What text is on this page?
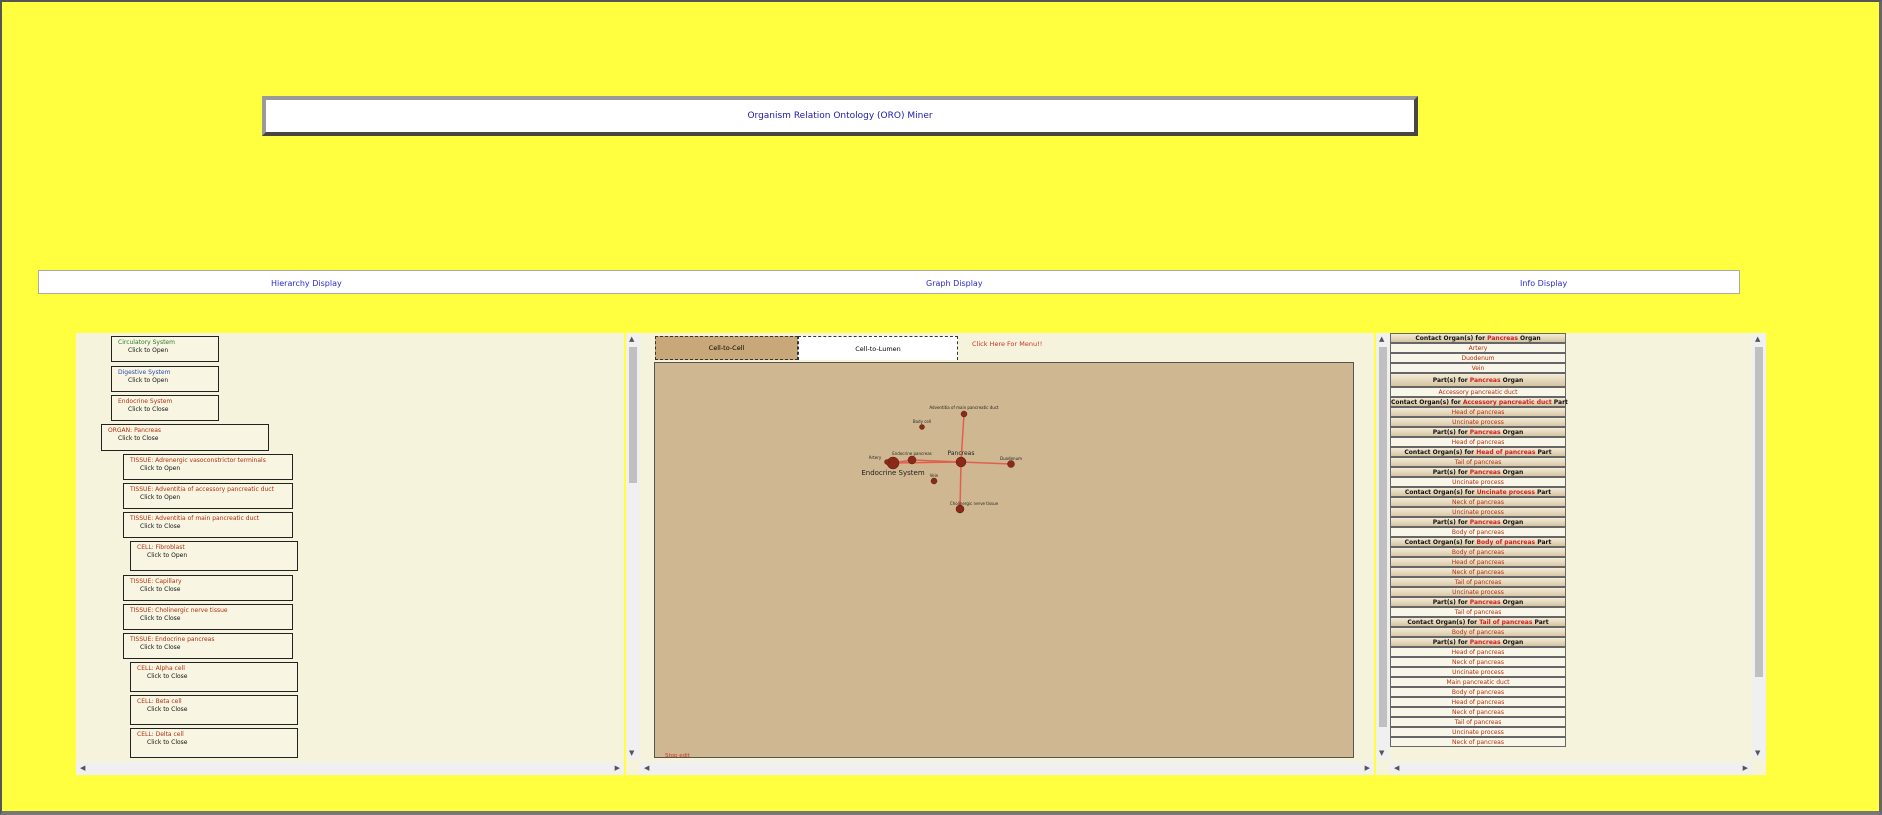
Organism Relation Ontology (ORO) Miner
Hierarchy Display	Graph Display	Info Display
Circulatory System
Click to Open
Digestive System
Click to Open
Endocrine System
Click to Close
ORGAN: Pancreas
Click to Close
TISSUE: Adrenergic vasoconstrictor terminals
Click to Open
TISSUE: Adventitia of accessory pancreatic duct
Click to Open
TISSUE: Adventitia of main pancreatic duct
Click to Close
CELL: Fibroblast
Click to Open
TISSUE: Capillary
Click to Close
TISSUE: Cholinergic nerve tissue
Click to Close
TISSUE: Endocrine pancreas
Click to Close
CELL: Alpha cell
Click to Close
CELL: Beta cell
Click to Close
CELL: Delta cell
Click to Close
◀	▶
▲
▼
◀	▶
Cell-to-Cell	Cell-to-Lumen
Click Here For Menu!!
Adventitia of main pancreatic duct
Body cell
Endocrine pancreas	Pancreas
Duodenum
Endocrine System Vein
Artery
Cholinergic nerve tissue
Stop edit
▲
▼
▲
▼
◀	▶
Contact Organ(s) for Pancreas Organ
Artery
Duodenum
Vein
Part(s) for Pancreas Organ
Accessory pancreatic duct
Contact Organ(s) for Accessory pancreatic duct Part
Head of pancreas
Uncinate process
Part(s) for Pancreas Organ
Head of pancreas
Contact Organ(s) for Head of pancreas Part
Tail of pancreas
Part(s) for Pancreas Organ
Uncinate process
Contact Organ(s) for Uncinate process Part
Neck of pancreas
Uncinate process
Part(s) for Pancreas Organ
Body of pancreas
Contact Organ(s) for Body of pancreas Part
Body of pancreas
Head of pancreas
Neck of pancreas
Tail of pancreas
Uncinate process
Part(s) for Pancreas Organ
Tail of pancreas
Contact Organ(s) for Tail of pancreas Part
Body of pancreas
Part(s) for Pancreas Organ
Head of pancreas
Neck of pancreas
Uncinate process
Main pancreatic duct
Body of pancreas
Head of pancreas
Neck of pancreas
Tail of pancreas
Uncinate process
Neck of pancreas
